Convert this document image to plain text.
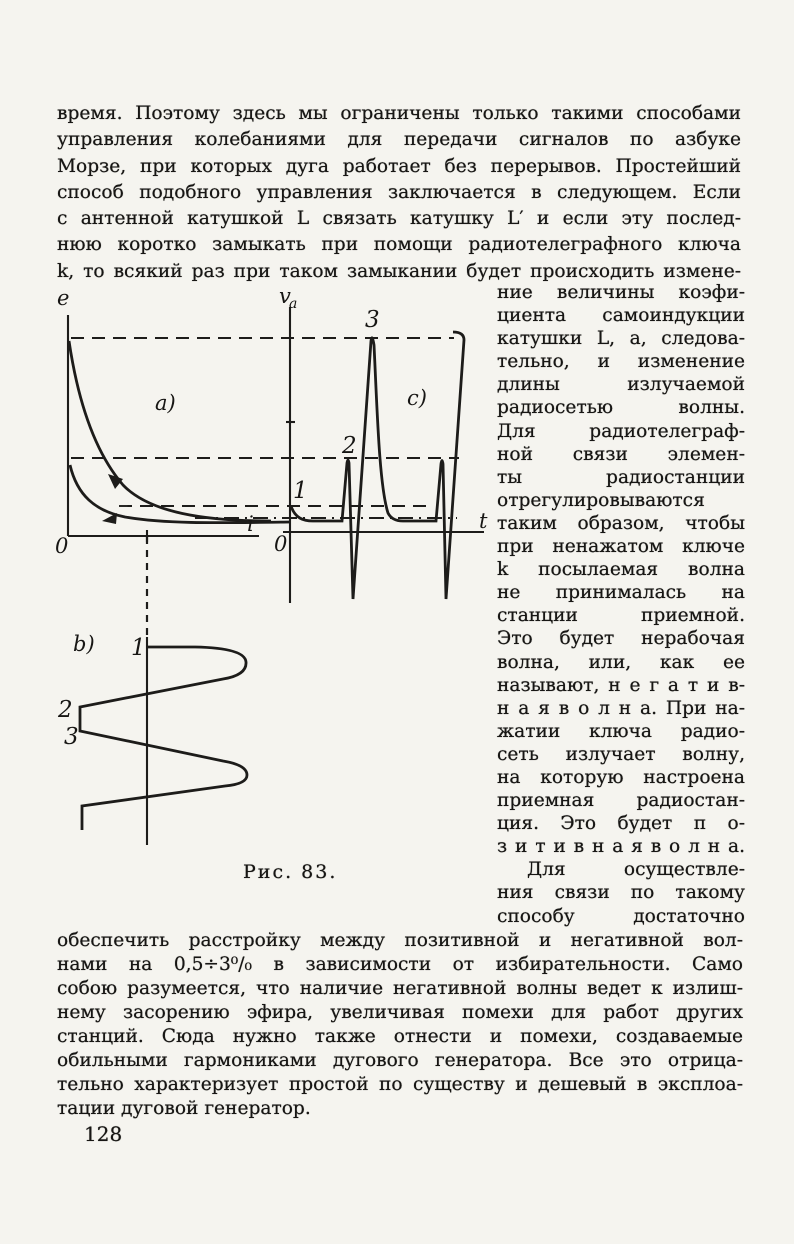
время. Поэтому здесь мы ограничены только такими способами
управления колебаниями для передачи сигналов по азбуке
Морзе, при которых дуга работает без перерывов. Простейший
способ подобного управления заключается в следующем. Если
с антенной катушкой L связать катушку L′ и если эту послед-
нюю коротко замыкать при помощи радиотелеграфного ключа
k, то всякий раз при таком замыкании будет происходить измене-
e
0
i
a)
v
a
0
t
c)
1
2
3
b) 1
2
3
Рис. 83.
ние величины коэфи-
циента самоиндукции
катушки L, а, следова-
тельно, и изменение
длины излучаемой
радиосетью волны.
Для радиотелеграф-
ной связи элемен-
ты радиостанции
отрегулировываются
таким образом, чтобы
при ненажатом ключе
k посылаемая волна
не принималась на
станции приемной.
Это будет нерабочая
волна, или, как ее
называют, н е г а т и в-
н а я в о л н а. При на-
жатии ключа радио-
сеть излучает волну,
на которую настроена
приемная радиостан-
ция. Это будет п о-
з и т и в н а я в о л н а.
Для осуществле-
ния связи по такому
способу достаточно
обеспечить расстройку между позитивной и негативной вол-
нами на 0,5÷3⁰/₀ в зависимости от избирательности. Само
собою разумеется, что наличие негативной волны ведет к излиш-
нему засорению эфира, увеличивая помехи для работ других
станций. Сюда нужно также отнести и помехи, создаваемые
обильными гармониками дугового генератора. Все это отрица-
тельно характеризует простой по существу и дешевый в эксплоа-
тации дуговой генератор.
128
